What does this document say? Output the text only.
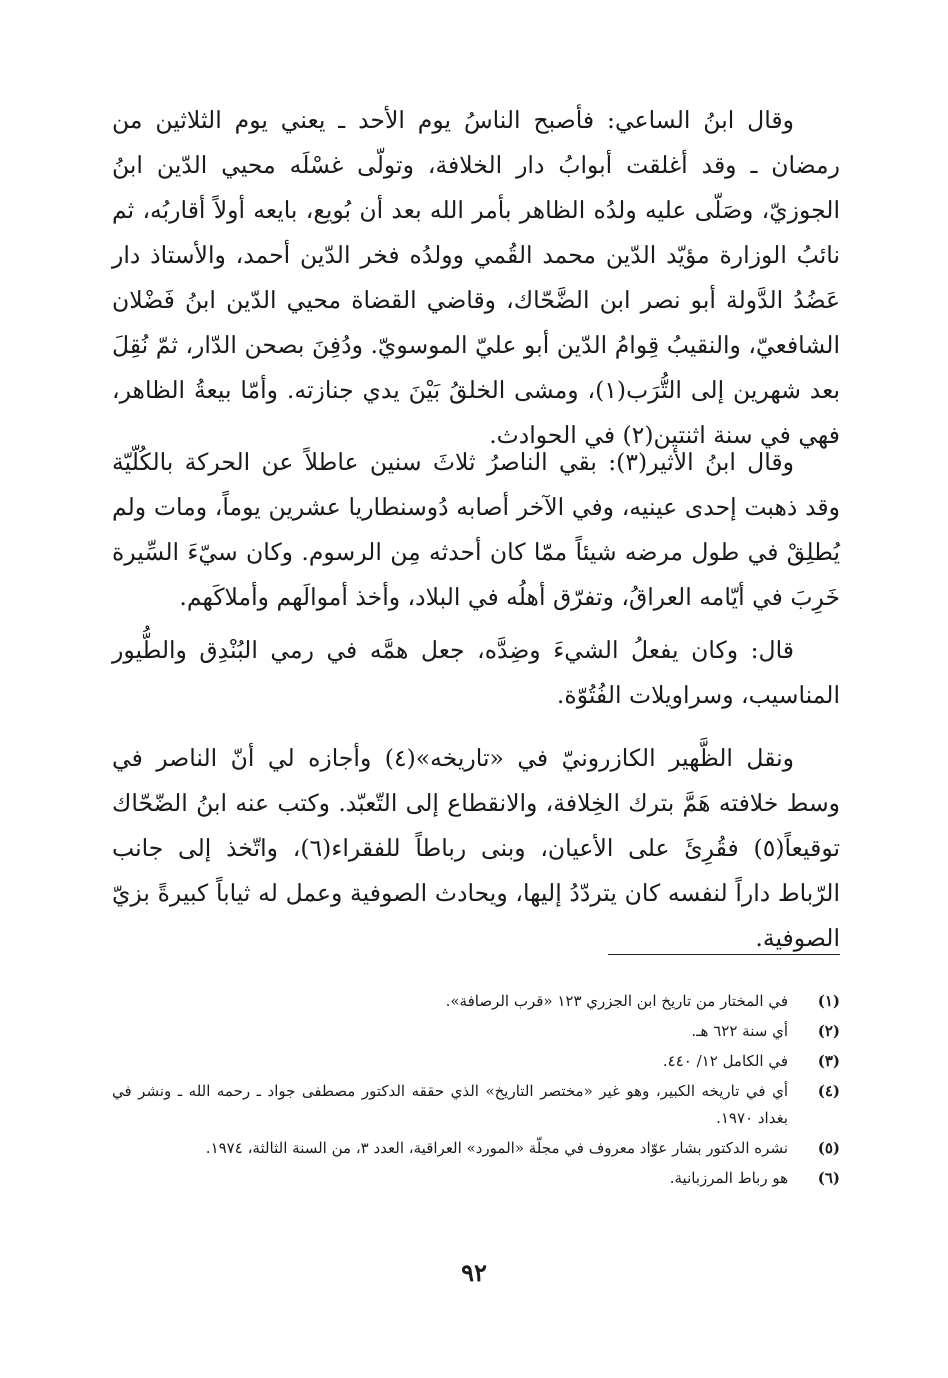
وقال ابنُ الساعي: فأصبح الناسُ يوم الأحد ـ يعني يوم الثلاثين من رمضان ـ وقد أغلقت أبوابُ دار الخلافة، وتولّى غسْلَه محيي الدّين ابنُ الجوزيّ، وصَلّى عليه ولدُه الظاهر بأمر الله بعد أن بُويع، بايعه أولاً أقاربُه، ثم نائبُ الوزارة مؤيّد الدّين محمد القُمي وولدُه فخر الدّين أحمد، والأستاذ دار عَضُدُ الدَّولة أبو نصر ابن الضَّحّاك، وقاضي القضاة محيي الدّين ابنُ فَضْلان الشافعيّ، والنقيبُ قِوامُ الدّين أبو عليّ الموسويّ. ودُفِنَ بصحن الدّار، ثمّ نُقِلَ بعد شهرين إلى التُّرَب(١)، ومشى الخلقُ بَيْنَ يدي جنازته. وأمّا بيعةُ الظاهر، فهي في سنة اثنتين(٢) في الحوادث.

وقال ابنُ الأثير(٣): بقي الناصرُ ثلاثَ سنين عاطلاً عن الحركة بالكُلّيّة وقد ذهبت إحدى عينيه، وفي الآخر أصابه دُوسنطاريا عشرين يوماً، ومات ولم يُطلِقْ في طول مرضه شيئاً ممّا كان أحدثه مِن الرسوم. وكان سيّءَ السِّيرة خَرِبَ في أيّامه العراقُ، وتفرّق أهلُه في البلاد، وأخذ أموالَهم وأملاكَهم.

قال: وكان يفعلُ الشيءَ وضِدَّه، جعل همَّه في رمي البُنْدِق والطُّيور المناسيب، وسراويلات الفُتُوّة.

ونقل الظَّهير الكازرونيّ في «تاريخه»(٤) وأجازه لي أنّ الناصر في وسط خلافته هَمَّ بترك الخِلافة، والانقطاع إلى التّعبّد. وكتب عنه ابنُ الضّحّاك توقيعاً(٥) فقُرِئَ على الأعيان، وبنى رباطاً للفقراء(٦)، واتّخذ إلى جانب الرّباط داراً لنفسه كان يتردّدُ إليها، ويحادث الصوفية وعمل له ثياباً كبيرةً بزيّ الصوفية.

(١)
في المختار من تاريخ ابن الجزري ١٢٣ «قرب الرصافة».
(٢)
أي سنة ٦٢٢ هـ.
(٣)
في الكامل ١٢/ ٤٤٠.
(٤)
أي في تاريخه الكبير، وهو غير «مختصر التاريخ» الذي حققه الدكتور مصطفى جواد ـ رحمه الله ـ ونشر في بغداد ١٩٧٠.
(٥)
نشره الدكتور بشار عوّاد معروف في مجلّة «المورد» العراقية، العدد ٣، من السنة الثالثة، ١٩٧٤.
(٦)
هو رباط المرزبانية.
٩٢
